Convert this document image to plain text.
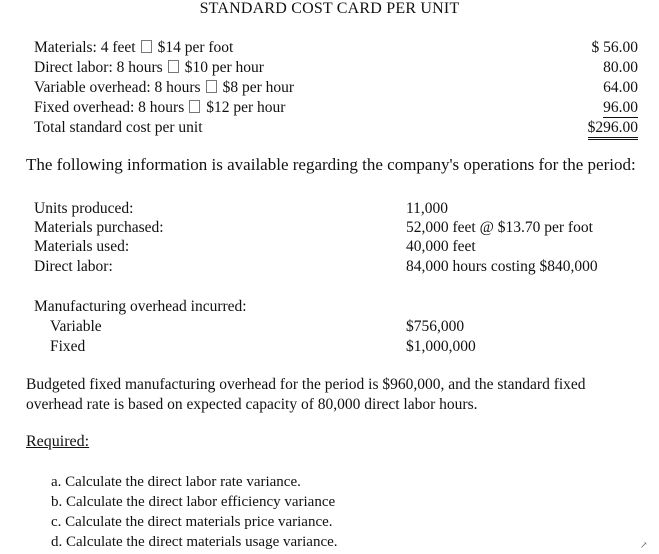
STANDARD COST CARD PER UNIT
Materials: 4 feet $14 per foot	$ 56.00
Direct labor: 8 hours $10 per hour	80.00
Variable overhead: 8 hours $8 per hour	64.00
Fixed overhead: 8 hours $12 per hour	96.00
Total standard cost per unit	$296.00
The following information is available regarding the company's operations for the period:
Units produced:	11,000
Materials purchased:	52,000 feet @ $13.70 per foot
Materials used:	40,000 feet
Direct labor:	84,000 hours costing $840,000
Manufacturing overhead incurred:
Variable	$756,000
Fixed	$1,000,000
Budgeted fixed manufacturing overhead for the period is $960,000, and the standard fixed overhead rate is based on expected capacity of 80,000 direct labor hours.
Required:
a. Calculate the direct labor rate variance.
b. Calculate the direct labor efficiency variance
c. Calculate the direct materials price variance.
d. Calculate the direct materials usage variance.	↗
